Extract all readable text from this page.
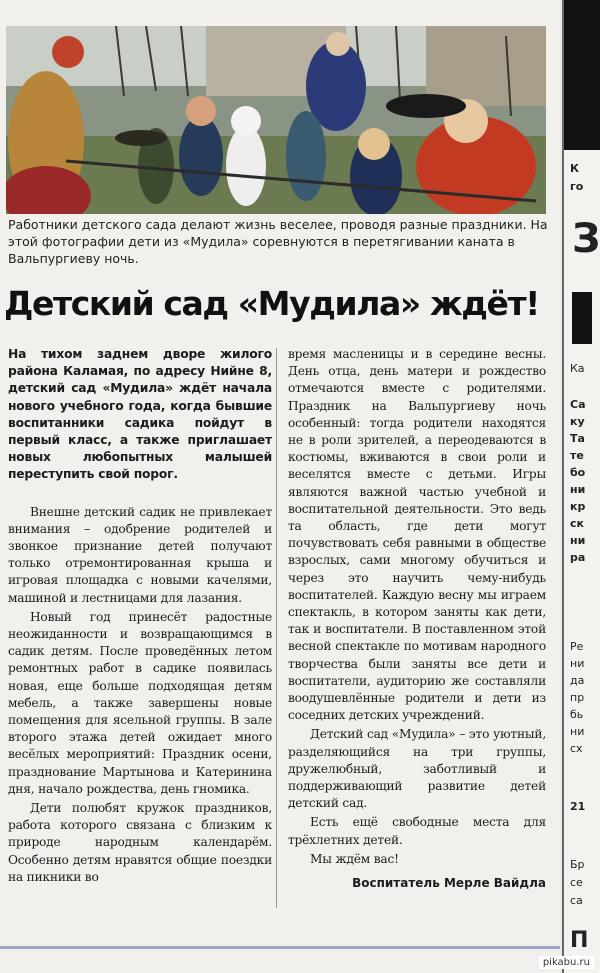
Работники детского сада делают жизнь веселее, проводя разные праздники. На этой фотографии дети из «Мудила» соревнуются в перетягивании каната в Вальпургиеву ночь.
Детский сад «Мудила» ждёт!

На тихом заднем дворе жилого района Каламая, по адресу Нийне 8, детский сад «Мудила» ждёт начала нового учебного года, когда бывшие воспитанники садика пойдут в первый класс, а также приглашает новых любопытных малышей переступить свой порог.

Внешне детский садик не привлекает внимания – одобрение родителей и звонкое признание детей получают только отремонтированная крыша и игровая площадка с новыми качелями, машиной и лестницами для лазания.

Новый год принесёт радостные неожиданности и возвращающимся в садик детям. После проведённых летом ремонтных работ в садике появилась новая, еще больше подходящая детям мебель, а также завершены новые помещения для ясельной группы. В зале второго этажа детей ожидает много весёлых мероприятий: Праздник осени, празднование Мартынова и Катеринина дня, начало рождества, день гномика.

Дети полюбят кружок праздников, работа которого связана с близким к природе народным календарём. Особенно детям нравятся общие поездки на пикники во

время масленицы и в середине весны. День отца, день матери и рождество отмечаются вместе с родителями. Праздник на Вальпургиеву ночь особенный: тогда родители находятся не в роли зрителей, а переодеваются в костюмы, вживаются в свои роли и веселятся вместе с детьми. Игры являются важной частью учебной и воспитательной деятельности. Это ведь та область, где дети могут почувствовать себя равными в обществе взрослых, сами многому обучиться и через это научить чему-нибудь воспитателей. Каждую весну мы играем спектакль, в котором заняты как дети, так и воспитатели. В поставленном этой весной спектакле по мотивам народного творчества были заняты все дети и воспитатели, аудиторию же составляли воодушевлённые родители и дети из соседних детских учреждений.

Детский сад «Мудила» – это уютный, разделяющийся на три группы, дружелюбный, заботливый и поддерживающий развитие детей детский сад.

Есть ещё свободные места для трёхлетних детей.

Мы ждём вас!

Воспитатель Мерле Вайдла

К
го
З
Ка
Са
ку
Та
те
бо
ни
кр
ск
ни
ра
Ре
ни
да
пр
бь
ни
сх
21
Бр
се
са
П
pikabu.ru
